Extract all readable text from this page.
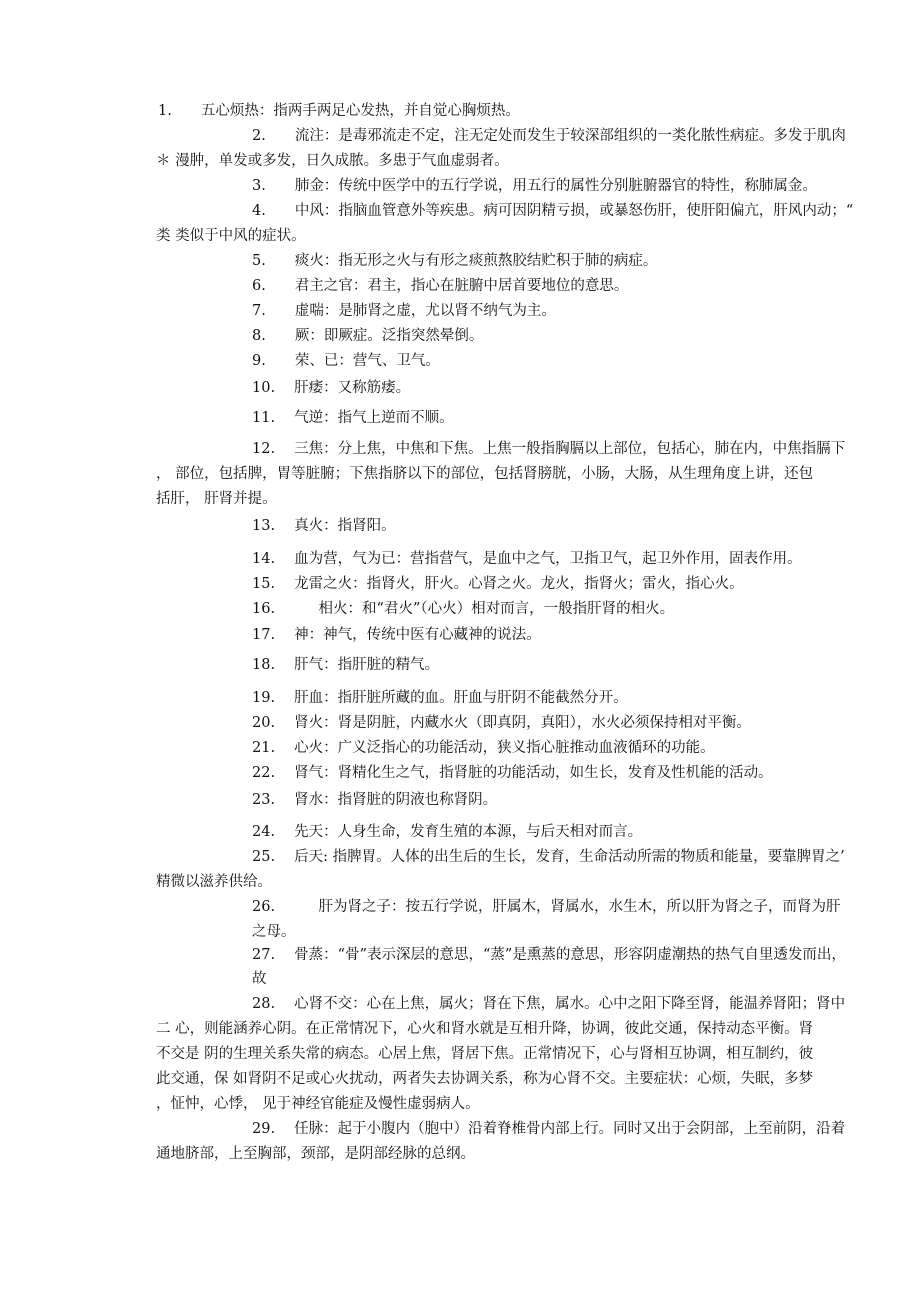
1.　　五心烦热：指两手两足心发热，并自觉心胸烦热。
2.　　流注：是毒邪流走不定，注无定处而发生于较深部组织的一类化脓性病症。多发于肌肉
＊ 漫肿，单发或多发，日久成脓。多患于气血虚弱者。
3.　　肺金：传统中医学中的五行学说，用五行的属性分别脏腑器官的特性，称肺属金。
4.　　中风：指脑血管意外等疾患。病可因阴精亏损，或暴怒伤肝，使肝阳偏亢，肝风内动；“
类 类似于中风的症状。
5.　　痰火：指无形之火与有形之痰煎熬胶结贮积于肺的病症。
6.　　君主之官：君主，指心在脏腑中居首要地位的意思。
7.　　虚喘：是肺肾之虚，尤以肾不纳气为主。
8.　　厥：即厥症。泛指突然晕倒。
9.　　荣、已：营气、卫气。
10.　 肝痿：又称筋痿。
11.　 气逆：指气上逆而不顺。
12.　 三焦：分上焦，中焦和下焦。上焦一般指胸膈以上部位，包括心，肺在内，中焦指膈下
， 部位，包括脾，胃等脏腑；下焦指脐以下的部位，包括肾膀胱，小肠，大肠，从生理角度上讲，还包
括肝， 肝肾并提。
13.　 真火：指肾阳。
14.　 血为营，气为已：营指营气，是血中之气，卫指卫气，起卫外作用，固表作用。
15.　 龙雷之火：指肾火，肝火。心肾之火。龙火，指肾火；雷火，指心火。
16.　　　相火：和“君火”（心火）相对而言，一般指肝肾的相火。
17.　 神：神气，传统中医有心藏神的说法。
18.　 肝气：指肝脏的精气。
19.　 肝血：指肝脏所藏的血。肝血与肝阴不能截然分开。
20.　 肾火：肾是阴脏，内藏水火（即真阴，真阳），水火必须保持相对平衡。
21.　 心火：广义泛指心的功能活动，狭义指心脏推动血液循环的功能。
22.　 肾气：肾精化生之气，指肾脏的功能活动，如生长，发育及性机能的活动。
23.　 肾水：指肾脏的阴液也称肾阴。
24.　 先天：人身生命，发育生殖的本源，与后天相对而言。
25.　 后天: 指脾胃。人体的出生后的生长，发育，生命活动所需的物质和能量，要靠脾胃之’
精微以滋养供给。
26.　　　肝为肾之子：按五行学说，肝属木，肾属水，水生木，所以肝为肾之子，而肾为肝
之母。
27.　 骨蒸：“骨”表示深层的意思，“蒸”是熏蒸的意思，形容阴虚潮热的热气自里透发而出，
故
28.　 心肾不交：心在上焦，属火；肾在下焦，属水。心中之阳下降至肾，能温养肾阳；肾中
二 心，则能涵养心阴。在正常情况下，心火和肾水就是互相升降，协调，彼此交通，保持动态平衡。肾
不交是 阴的生理关系失常的病态。心居上焦，肾居下焦。正常情况下，心与肾相互协调，相互制约，彼
此交通，保 如肾阴不足或心火扰动，两者失去协调关系，称为心肾不交。主要症状：心烦，失眠，多梦
，怔忡，心悸， 见于神经官能症及慢性虚弱病人。
29.　 任脉：起于小腹内（胞中）沿着脊椎骨内部上行。同时又出于会阴部，上至前阴，沿着
通地脐部，上至胸部，颈部，是阴部经脉的总纲。
